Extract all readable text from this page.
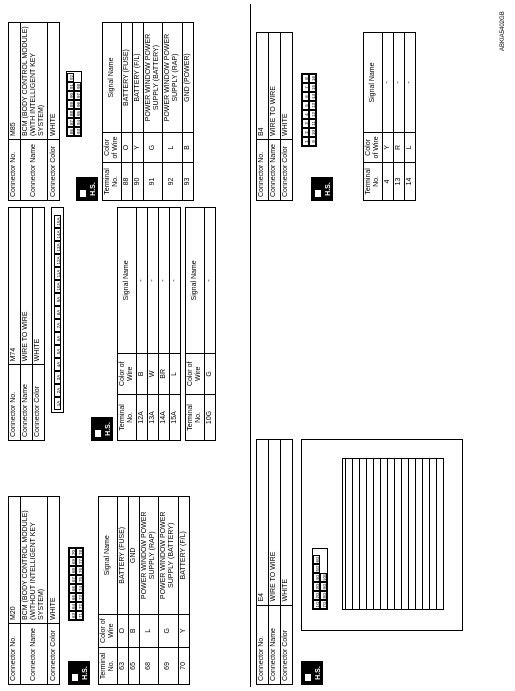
Connector No.	M20
Connector Name	BCM (BODY CONTROL MODULE) (WITHOUT INTELLIGENT KEY SYSTEM)
Connector Color	WHITE
H.S.
63
64
65
66
67
68
69
70
71
72
73
74
75
76
77
78
Terminal No.	Color of Wire	Signal Name
63	O	BATTERY (FUSE)
65	B	GND
68	L	POWER WINDOW POWER SUPPLY (RAP)
69	G	POWER WINDOW POWER SUPPLY (BATTERY)
70	Y	BATTERY (F/L)
Connector No.	M74
Connector Name	WIRE TO WIRE
Connector Color	WHITE
H.S.
1A
2A
3A
4A
5A
6A
7A
8A
9A
10A
11A
12A
13A
14A
15A
Terminal No.	Color of Wire	Signal Name
12A	B	-
13A	W	-
14A	BR	-
15A	L	-
Terminal No.	Color of Wire	Signal Name
10G	G	-
Connector No.	M85
Connector Name	BCM (BODY CONTROL MODULE) (WITH INTELLIGENT KEY SYSTEM)
Connector Color	WHITE
H.S.
86
87
88
89
90
91
92
93
94
95
96
97
98
Terminal No.	Color of Wire	Signal Name
88	O	BATTERY (FUSE)
90	Y	BATTERY (F/L)
91	G	POWER WINDOW POWER SUPPLY (BATTERY)
92	L	POWER WINDOW POWER SUPPLY (RAP)
93	B	GND (POWER)
Connector No.	E4
Connector Name	WIRE TO WIRE
Connector Color	WHITE
H.S.
1G
2G
3G
4G
5G
6G
7G
8G
9G
10G
Connector No.	B4
Connector Name	WIRE TO WIRE
Connector Color	WHITE
H.S.
1
2
3
4
5
6
7
8
9
10
11
12
13
14
15
16
Terminal No.	Color of Wire	Signal Name
4	Y	-
13	R	-
14	L	-
ABKIA5402GB
